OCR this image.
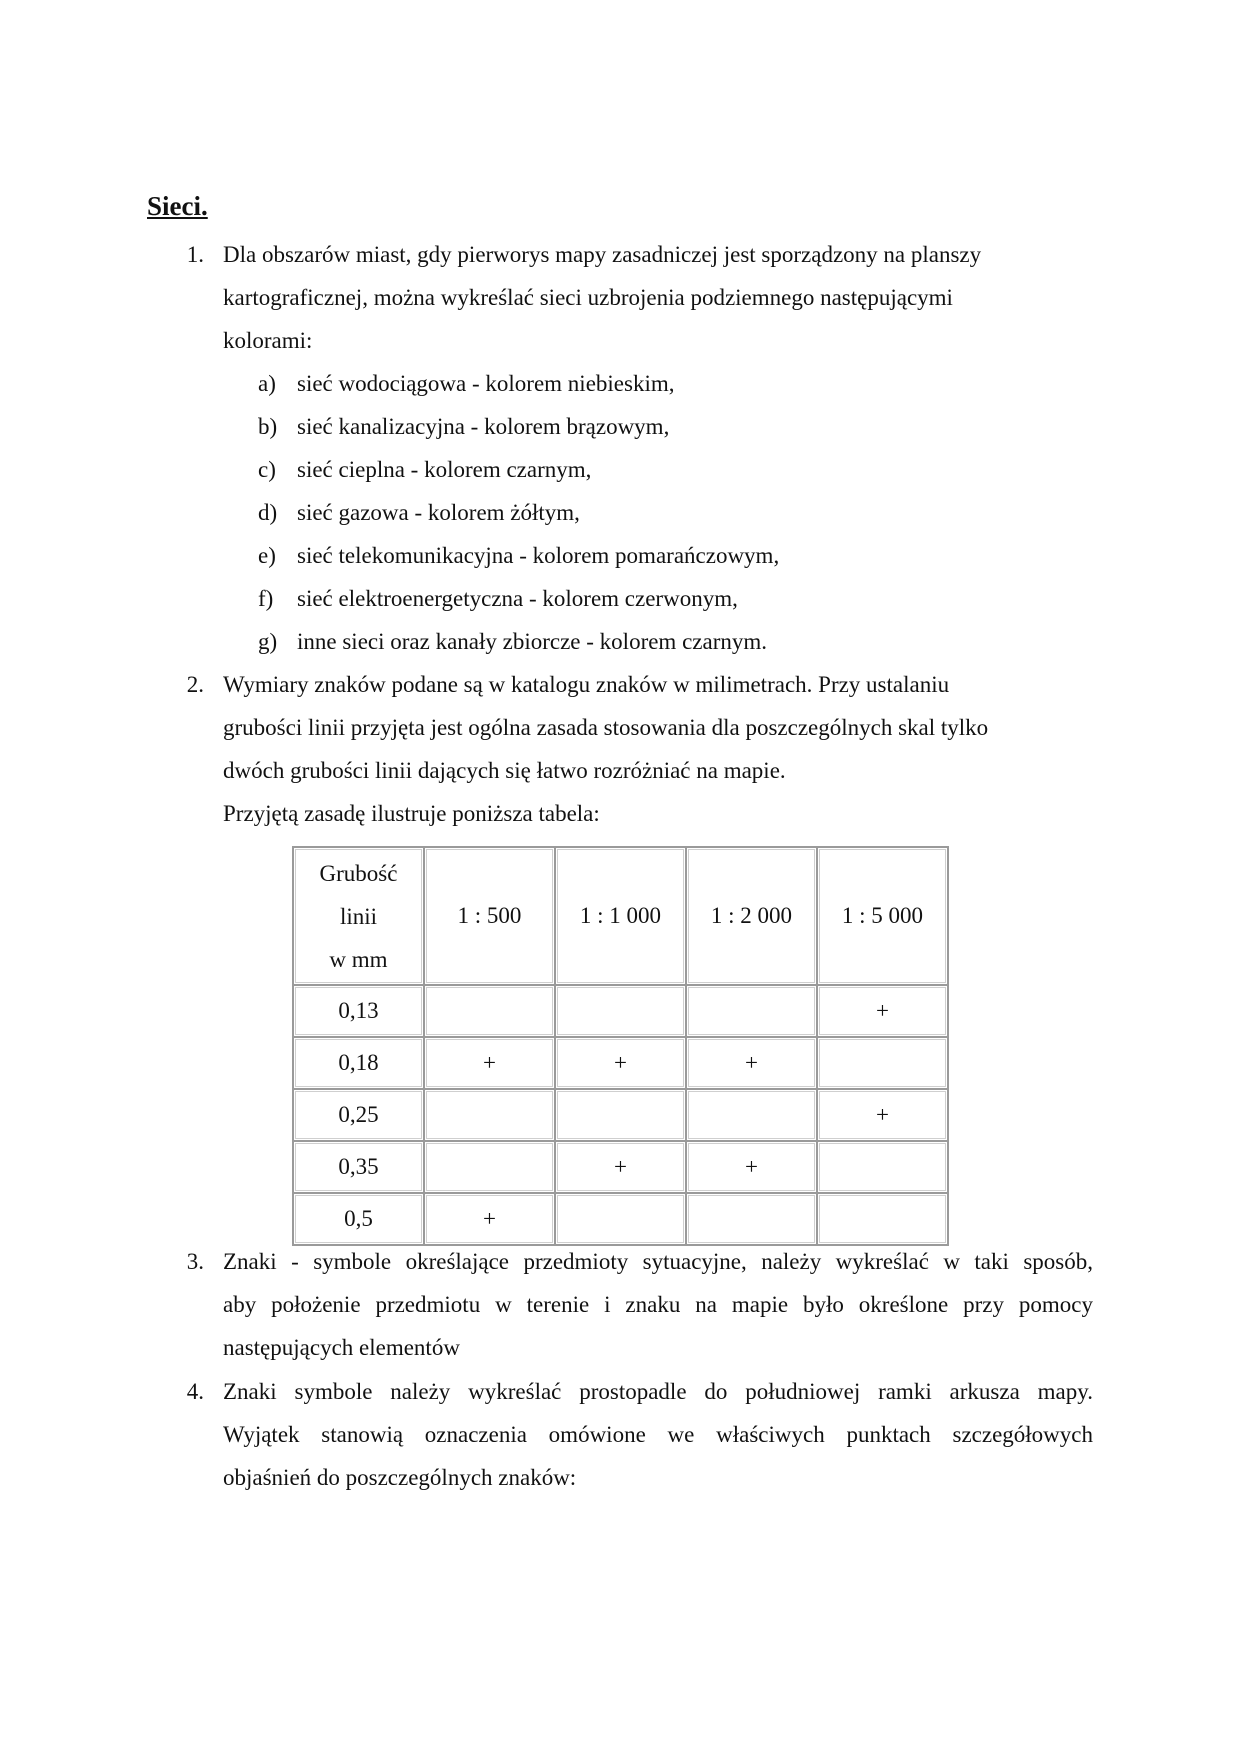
Sieci.
1. Dla obszarów miast, gdy pierworys mapy zasadniczej jest sporządzony na planszy
kartograficznej, można wykreślać sieci uzbrojenia podziemnego następującymi
kolorami:
a) sieć wodociągowa - kolorem niebieskim,
b) sieć kanalizacyjna - kolorem brązowym,
c) sieć cieplna - kolorem czarnym,
d) sieć gazowa - kolorem żółtym,
e) sieć telekomunikacyjna - kolorem pomarańczowym,
f)	sieć elektroenergetyczna - kolorem czerwonym,
g) inne sieci oraz kanały zbiorcze - kolorem czarnym.
2. Wymiary znaków podane są w katalogu znaków w milimetrach. Przy ustalaniu
grubości linii przyjęta jest ogólna zasada stosowania dla poszczególnych skal tylko
dwóch grubości linii dających się łatwo rozróżniać na mapie.
Przyjętą zasadę ilustruje poniższa tabela:
Grubość
linii
w mm	1 : 500	1 : 1 000	1 : 2 000	1 : 5 000
0,13				+
0,18	+	+	+	
0,25				+
0,35		+	+	
0,5	+			
3. Znaki - symbole określające przedmioty sytuacyjne, należy wykreślać w taki sposób,
aby położenie przedmiotu w terenie i znaku na mapie było określone przy pomocy
następujących elementów
4. Znaki symbole należy wykreślać prostopadle do południowej ramki arkusza mapy.
Wyjątek stanowią oznaczenia omówione we właściwych punktach szczegółowych
objaśnień do poszczególnych znaków:
